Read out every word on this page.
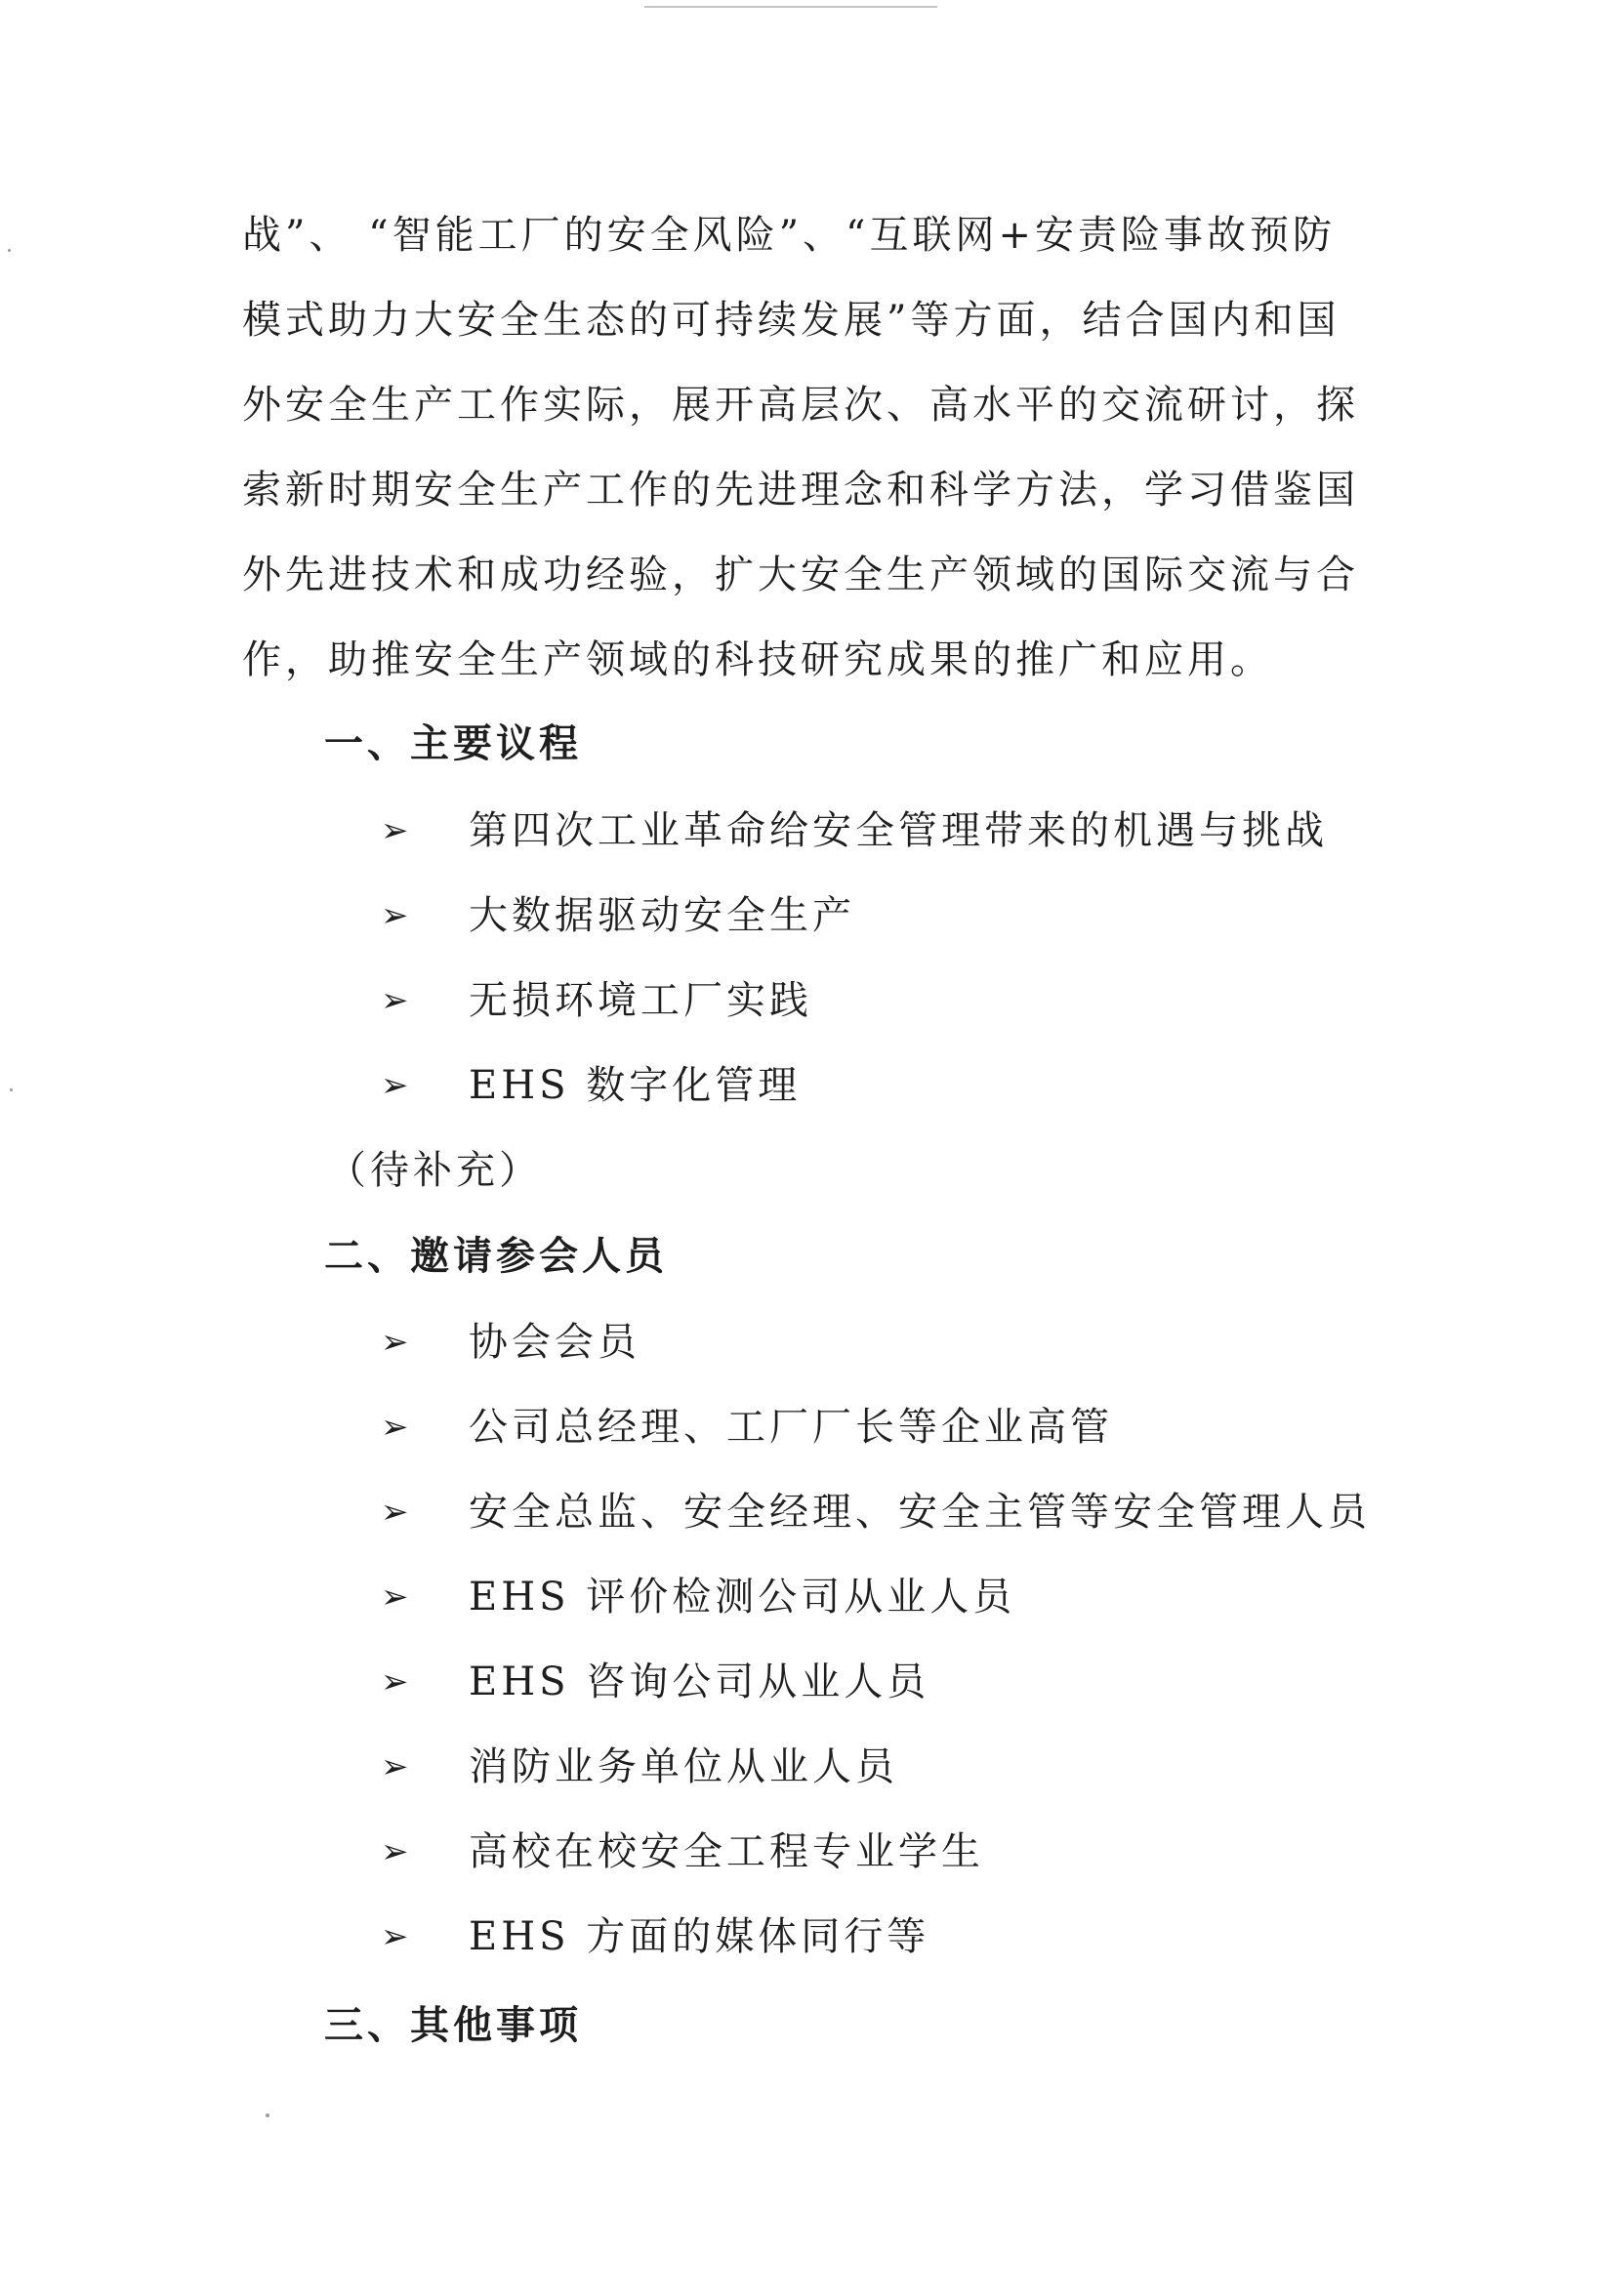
战”、 “智能工厂的安全风险”、“互联网+安责险事故预防
模式助力大安全生态的可持续发展”等方面，结合国内和国
外安全生产工作实际，展开高层次、高水平的交流研讨，探
索新时期安全生产工作的先进理念和科学方法，学习借鉴国
外先进技术和成功经验，扩大安全生产领域的国际交流与合
作，助推安全生产领域的科技研究成果的推广和应用。

一、主要议程
➢ 第四次工业革命给安全管理带来的机遇与挑战
➢ 大数据驱动安全生产
➢ 无损环境工厂实践
➢ EHS 数字化管理

（待补充）

二、邀请参会人员
➢ 协会会员
➢ 公司总经理、工厂厂长等企业高管
➢ 安全总监、安全经理、安全主管等安全管理人员
➢ EHS 评价检测公司从业人员
➢ EHS 咨询公司从业人员
➢ 消防业务单位从业人员
➢ 高校在校安全工程专业学生
➢ EHS 方面的媒体同行等
三、其他事项
